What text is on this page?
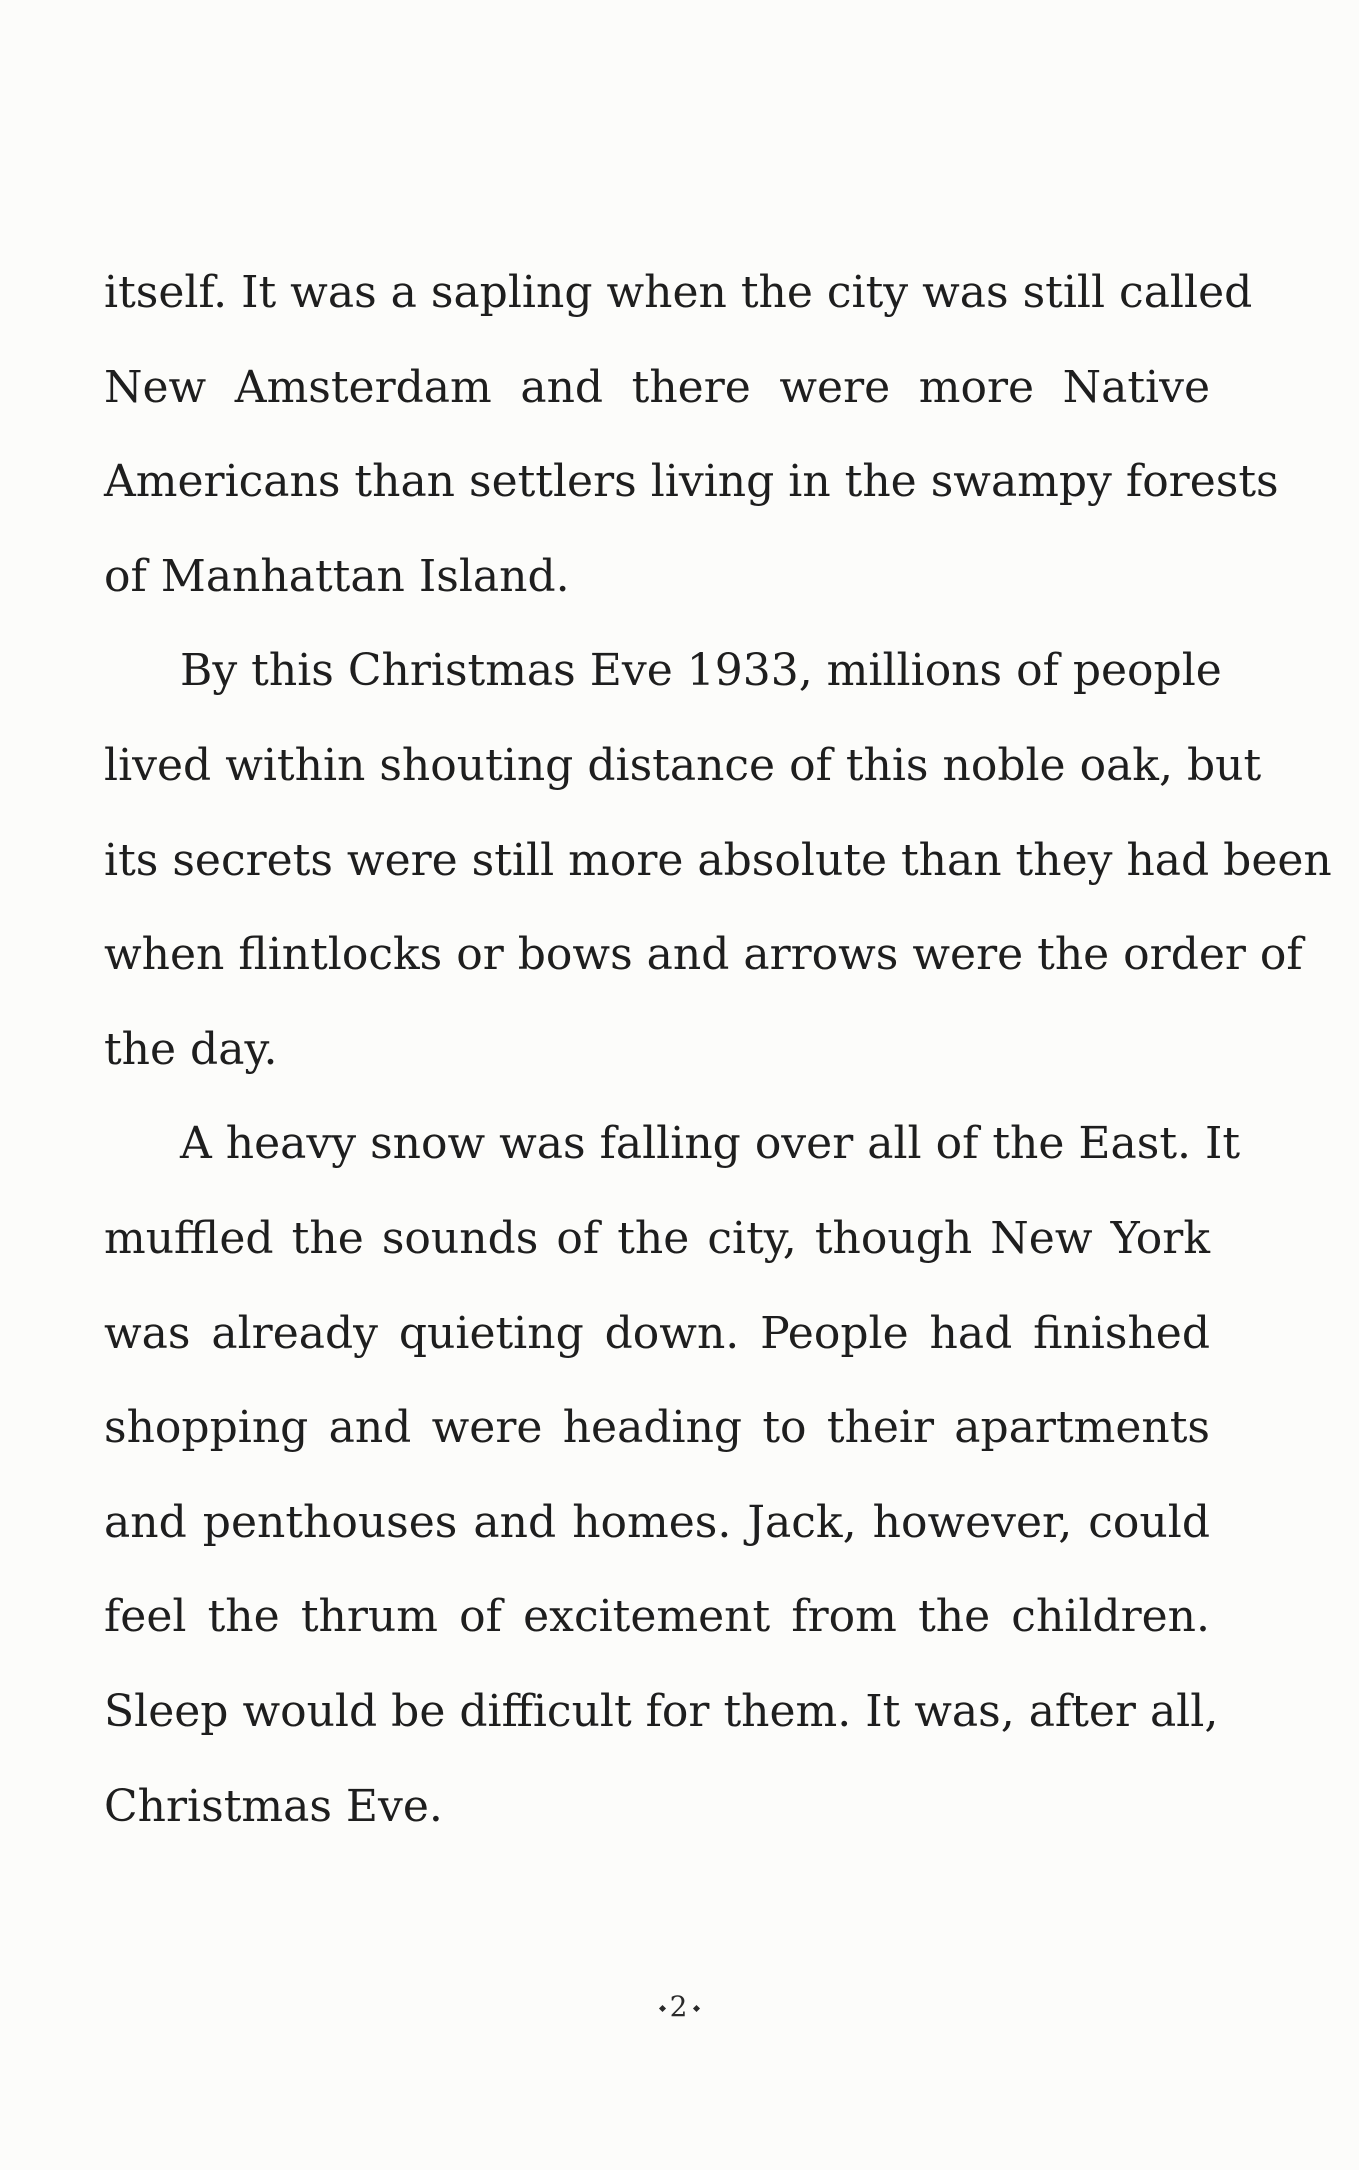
itself. It was a sapling when the city was still called
New Amsterdam and there were more Native
Americans than settlers living in the swampy forests
of Manhattan Island.
By this Christmas Eve 1933, millions of people
lived within shouting distance of this noble oak, but
its secrets were still more absolute than they had been
when flintlocks or bows and arrows were the order of
the day.
A heavy snow was falling over all of the East. It
muffled the sounds of the city, though New York
was already quieting down. People had finished
shopping and were heading to their apartments
and penthouses and homes. Jack, however, could
feel the thrum of excitement from the children.
Sleep would be difficult for them. It was, after all,
Christmas Eve.
2
